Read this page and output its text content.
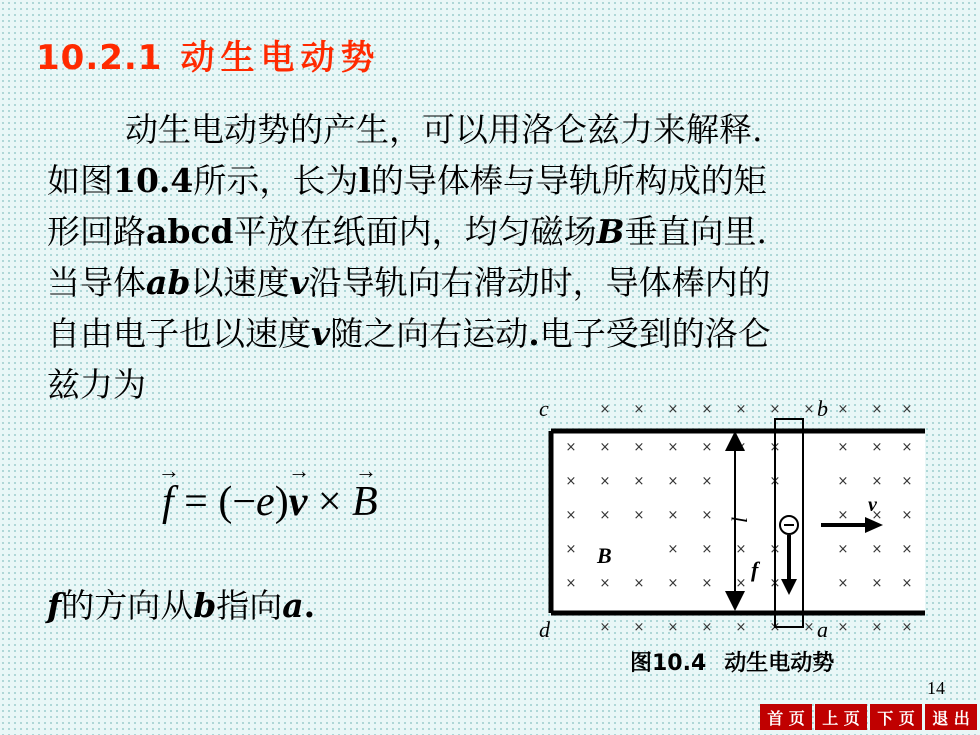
10.2.1 动生电动势
动生电动势的产生，可以用洛仑兹力来解释.
如图10.4所示，长为l的导体棒与导轨所构成的矩
形回路abcd平放在纸面内，均匀磁场B垂直向里.
当导体ab以速度v沿导轨向右滑动时，导体棒内的
自由电子也以速度v随之向右运动.电子受到的洛仑
兹力为
→ f = (−e)→ v × → B
f的方向从b指向a.
× × × × × × × × × ×
× × × × × × ×	× × ×
× × × × ×	×	× × ×
× × × × ×	× × ×
×	× × × ×	× × ×
× × × × × × ×	× × ×
× × × × × × × × × ×
c	b
d	a
B
v
l
f
图10.4 动生电动势
14
首 页	上 页	下 页	退 出
